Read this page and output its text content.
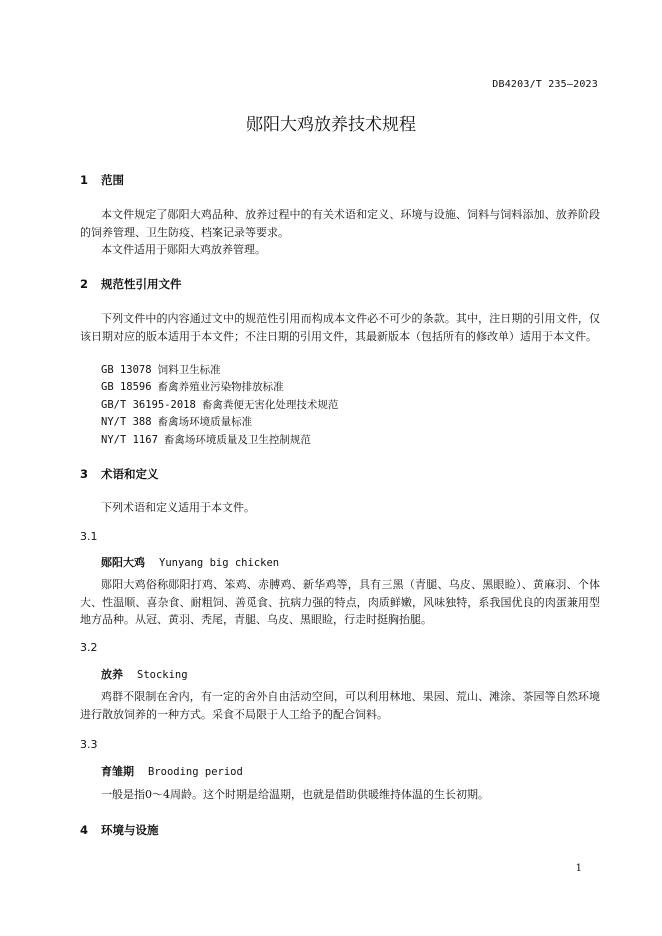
DB4203/T 235—2023
郧阳大鸡放养技术规程
1 范围
本文件规定了郧阳大鸡品种、放养过程中的有关术语和定义、环境与设施、饲料与饲料添加、放养阶段的饲养管理、卫生防疫、档案记录等要求。
本文件适用于郧阳大鸡放养管理。
2 规范性引用文件
下列文件中的内容通过文中的规范性引用而构成本文件必不可少的条款。其中，注日期的引用文件，仅该日期对应的版本适用于本文件；不注日期的引用文件，其最新版本（包括所有的修改单）适用于本文件。
GB 13078 饲料卫生标准
GB 18596 畜禽养殖业污染物排放标准
GB/T 36195-2018 畜禽粪便无害化处理技术规范
NY/T 388 畜禽场环境质量标准
NY/T 1167 畜禽场环境质量及卫生控制规范
3 术语和定义
下列术语和定义适用于本文件。
3.1
郧阳大鸡 Yunyang big chicken
郧阳大鸡俗称郧阳打鸡、笨鸡、赤膊鸡、新华鸡等，具有三黑（青腿、乌皮、黑眼睑）、黄麻羽、个体大、性温顺、喜杂食、耐粗饲、善觅食、抗病力强的特点，肉质鲜嫩，风味独特，系我国优良的肉蛋兼用型地方品种。从冠、黄羽、秃尾，青腿、乌皮、黑眼睑，行走时挺胸抬腿。
3.2
放养 Stocking
鸡群不限制在舍内，有一定的舍外自由活动空间，可以利用林地、果园、荒山、滩涂、茶园等自然环境进行散放饲养的一种方式。采食不局限于人工给予的配合饲料。
3.3
育雏期 Brooding period
一般是指0～4周龄。这个时期是给温期，也就是借助供暖维持体温的生长初期。
4 环境与设施
1
